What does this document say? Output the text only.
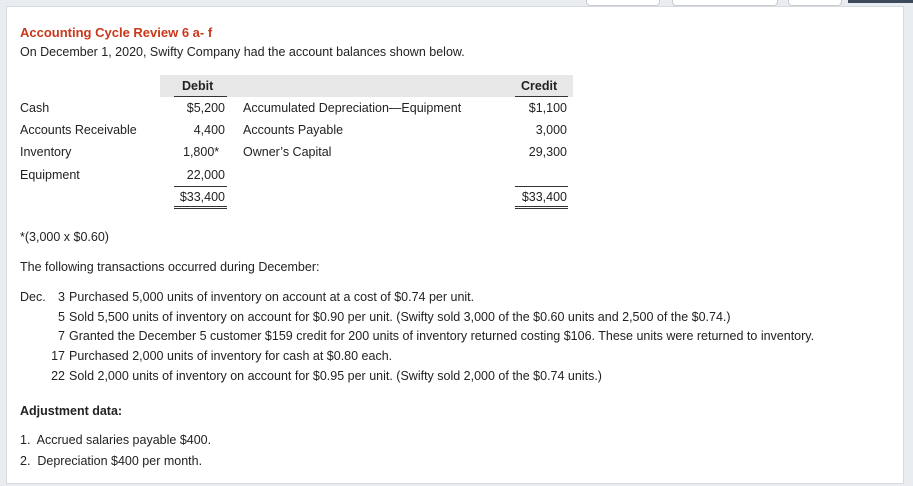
Accounting Cycle Review 6 a- f
On December 1, 2020, Swifty Company had the account balances shown below.
Debit	Credit
Cash
Accounts Receivable
Inventory
Equipment
$5,200
4,400
1,800*
22,000
Accumulated Depreciation—Equipment
Accounts Payable
Owner’s Capital
$1,100
3,000
29,300
$33,400	$33,400
*(3,000 x $0.60)
The following transactions occurred during December:
Dec. 3 Purchased 5,000 units of inventory on account at a cost of $0.74 per unit.
5 Sold 5,500 units of inventory on account for $0.90 per unit. (Swifty sold 3,000 of the $0.60 units and 2,500 of the $0.74.)
7 Granted the December 5 customer $159 credit for 200 units of inventory returned costing $106. These units were returned to inventory.
17 Purchased 2,000 units of inventory for cash at $0.80 each.
22 Sold 2,000 units of inventory on account for $0.95 per unit. (Swifty sold 2,000 of the $0.74 units.)
Adjustment data:
1.  Accrued salaries payable $400.
2.  Depreciation $400 per month.
